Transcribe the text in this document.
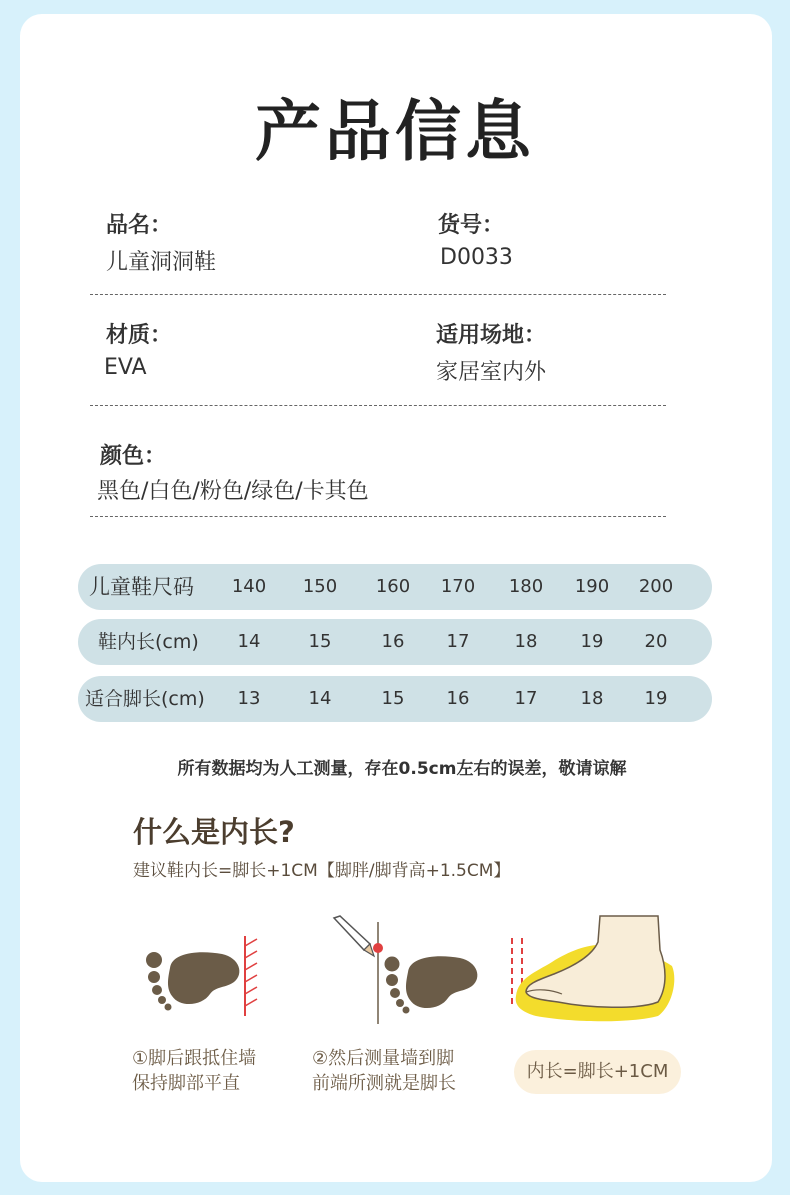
产品信息
品名：
儿童洞洞鞋
货号：
D0033
材质：
EVA
适用场地：
家居室内外
颜色：
黑色/白色/粉色/绿色/卡其色
儿童鞋尺码	140	150	160	170	180	190	200
鞋内长(cm)	14	15	16	17	18	19	20
适合脚长(cm)	13	14	15	16	17	18	19
所有数据均为人工测量，存在0.5cm左右的误差，敬请谅解
什么是内长?
建议鞋内长=脚长+1CM【脚胖/脚背高+1.5CM】
①脚后跟抵住墙
保持脚部平直
②然后测量墙到脚
前端所测就是脚长
内长=脚长+1CM
